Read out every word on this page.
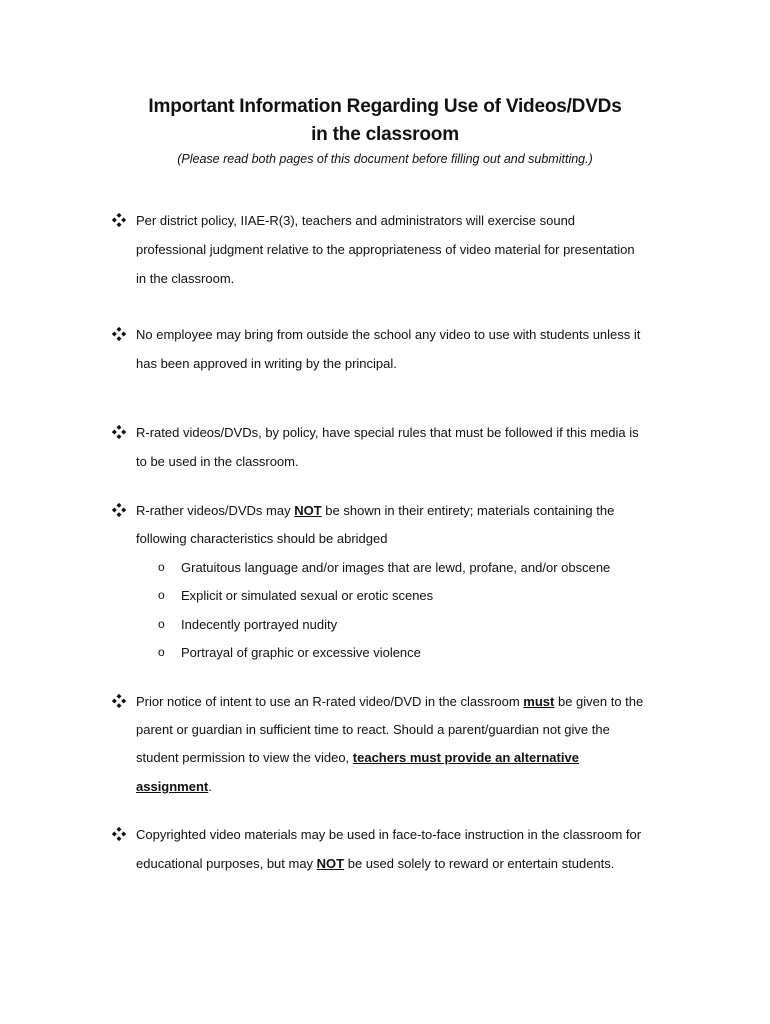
Important Information Regarding Use of Videos/DVDs
in the classroom
(Please read both pages of this document before filling out and submitting.)
Per district policy, IIAE-R(3), teachers and administrators will exercise sound
professional judgment relative to the appropriateness of video material for presentation
in the classroom.
No employee may bring from outside the school any video to use with students unless it
has been approved in writing by the principal.
R-rated videos/DVDs, by policy, have special rules that must be followed if this media is
to be used in the classroom.
R-rather videos/DVDs may NOT be shown in their entirety; materials containing the
following characteristics should be abridged
o Gratuitous language and/or images that are lewd, profane, and/or obscene
o Explicit or simulated sexual or erotic scenes
o Indecently portrayed nudity
o Portrayal of graphic or excessive violence
Prior notice of intent to use an R-rated video/DVD in the classroom must be given to the
parent or guardian in sufficient time to react. Should a parent/guardian not give the
student permission to view the video, teachers must provide an alternative
assignment.
Copyrighted video materials may be used in face-to-face instruction in the classroom for
educational purposes, but may NOT be used solely to reward or entertain students.
